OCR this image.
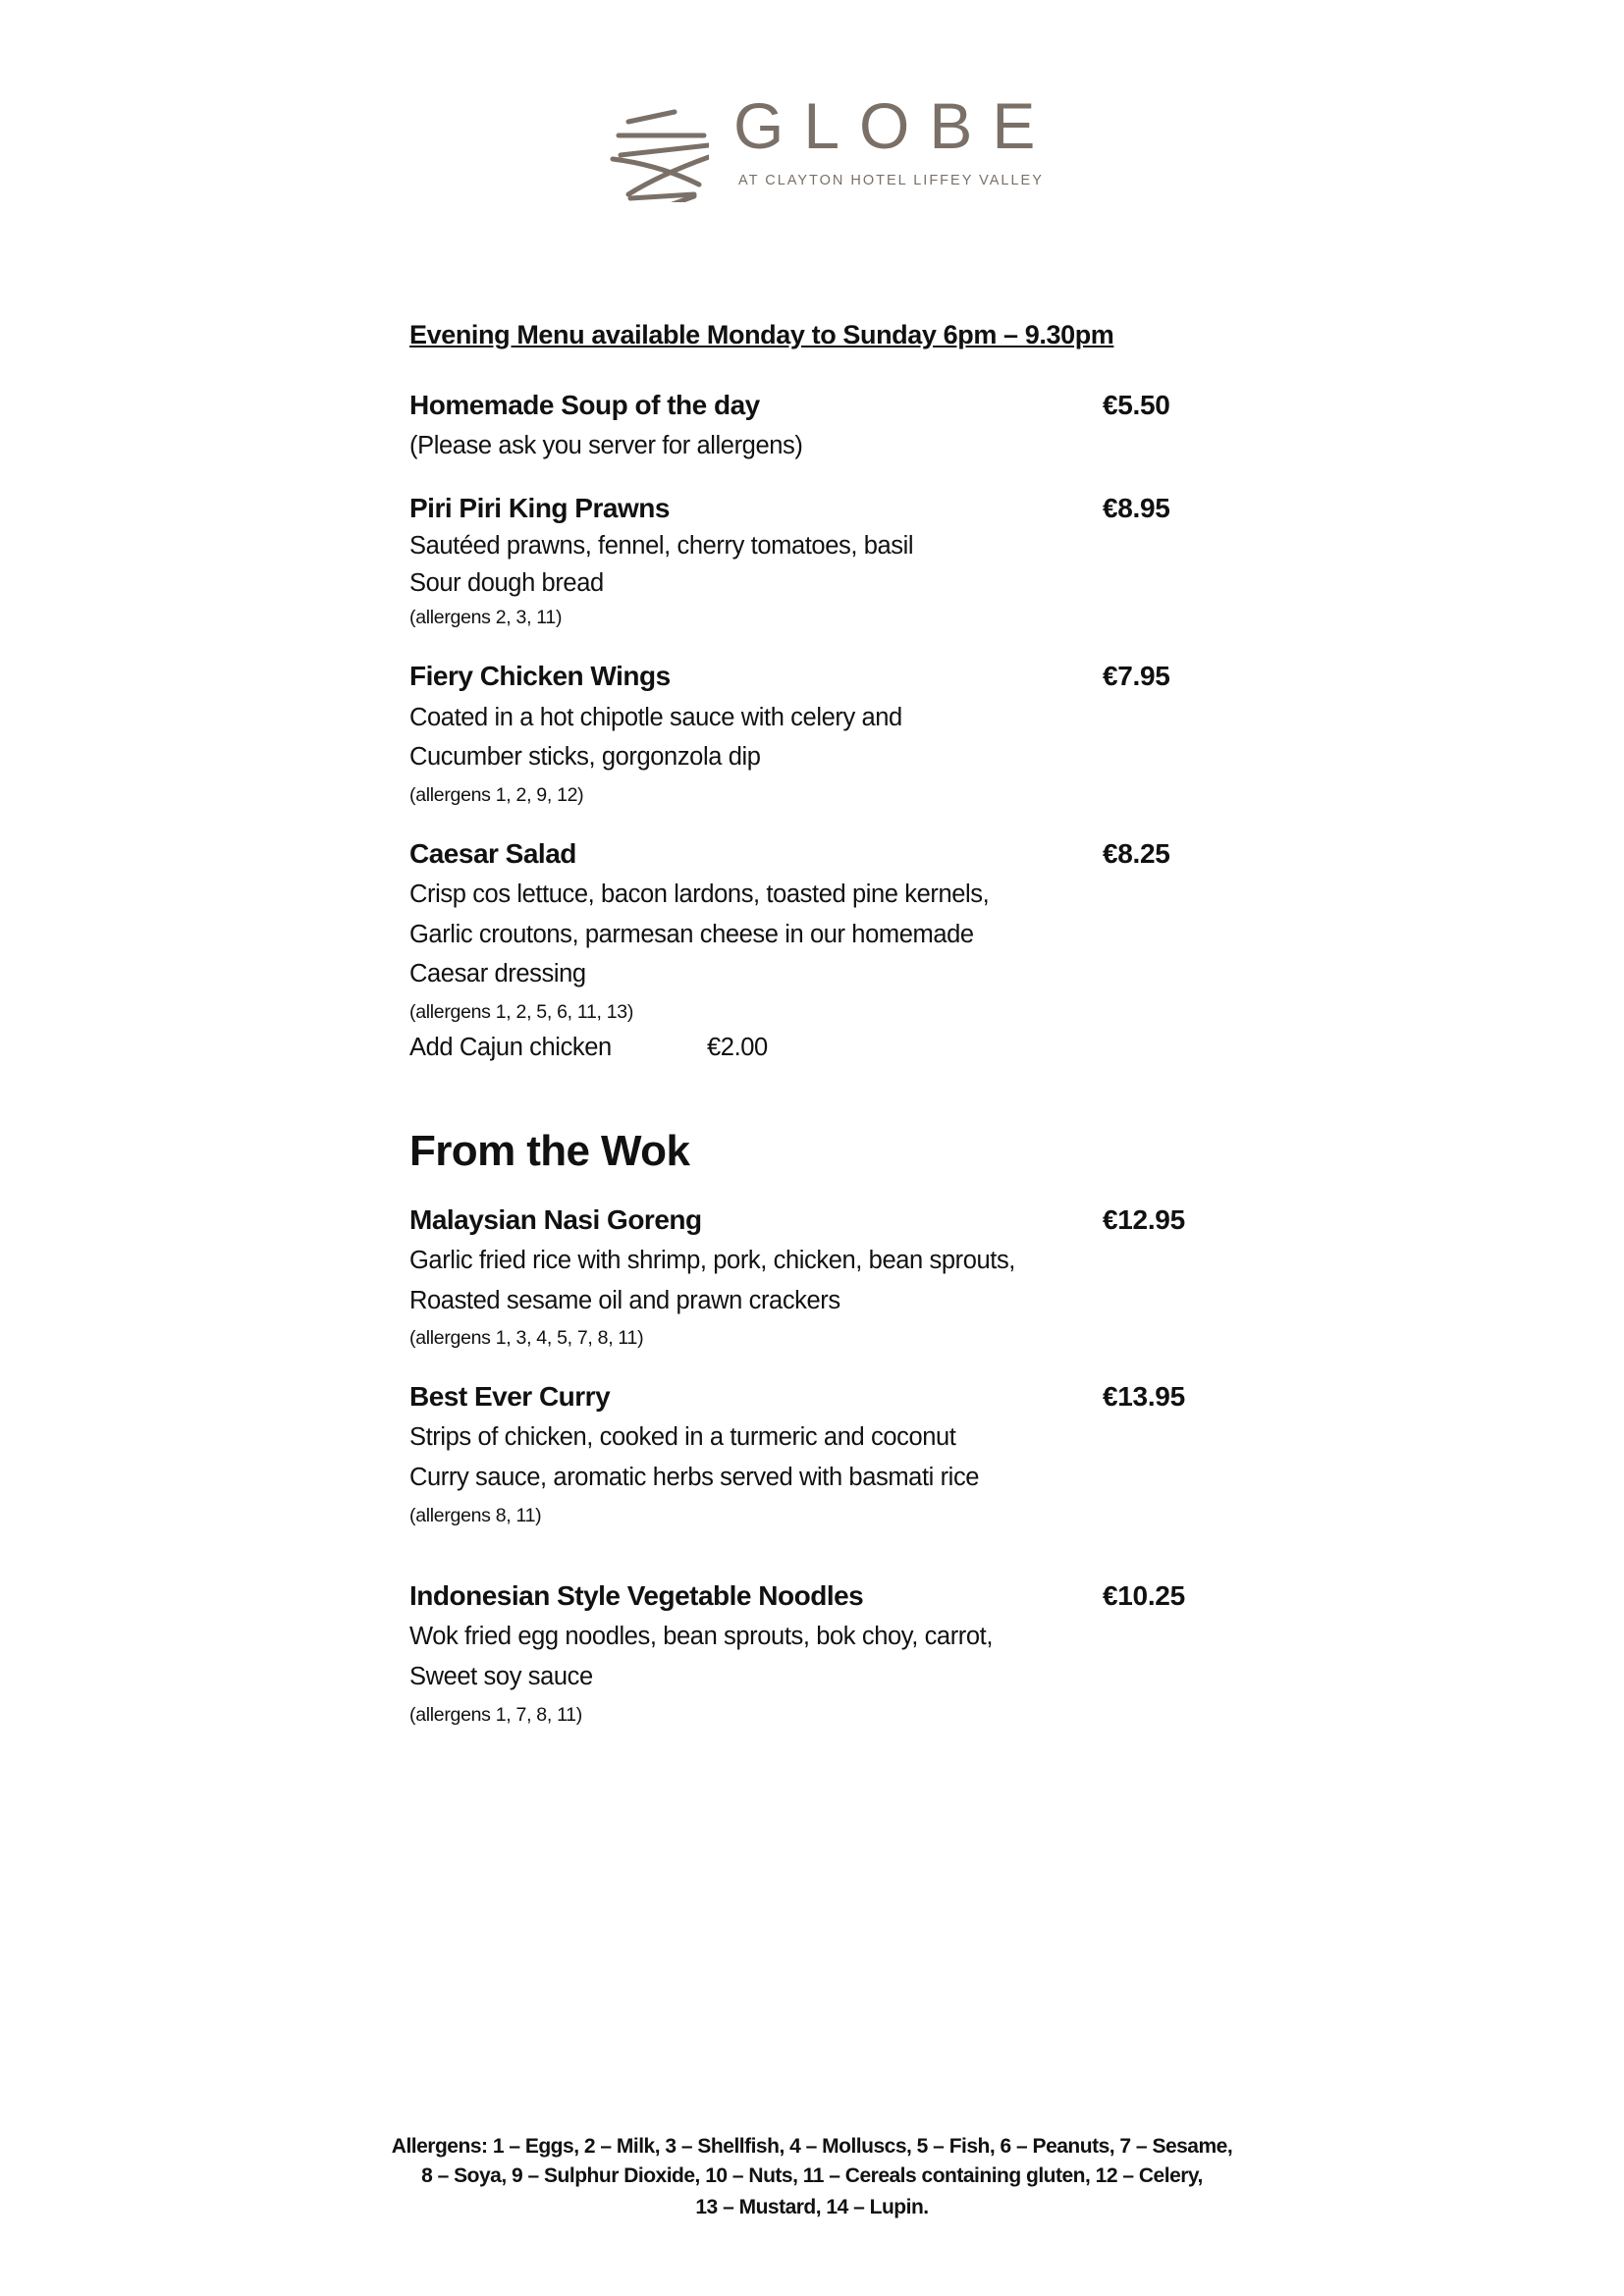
GLOBE
AT CLAYTON HOTEL LIFFEY VALLEY
Evening Menu available Monday to Sunday 6pm – 9.30pm
Homemade Soup of the day	€5.50
(Please ask you server for allergens)
Piri Piri King Prawns	€8.95
Sautéed prawns, fennel, cherry tomatoes, basil
Sour dough bread
(allergens 2, 3, 11)
Fiery Chicken Wings	€7.95
Coated in a hot chipotle sauce with celery and
Cucumber sticks, gorgonzola dip
(allergens 1, 2, 9, 12)
Caesar Salad	€8.25
Crisp cos lettuce, bacon lardons, toasted pine kernels,
Garlic croutons, parmesan cheese in our homemade
Caesar dressing
(allergens 1, 2, 5, 6, 11, 13)
Add Cajun chicken	€2.00
From the Wok
Malaysian Nasi Goreng	€12.95
Garlic fried rice with shrimp, pork, chicken, bean sprouts,
Roasted sesame oil and prawn crackers
(allergens 1, 3, 4, 5, 7, 8, 11)
Best Ever Curry	€13.95
Strips of chicken, cooked in a turmeric and coconut
Curry sauce, aromatic herbs served with basmati rice
(allergens 8, 11)
Indonesian Style Vegetable Noodles	€10.25
Wok fried egg noodles, bean sprouts, bok choy, carrot,
Sweet soy sauce
(allergens 1, 7, 8, 11)
Allergens: 1 – Eggs, 2 – Milk, 3 – Shellfish, 4 – Molluscs, 5 – Fish, 6 – Peanuts, 7 – Sesame,
8 – Soya, 9 – Sulphur Dioxide, 10 – Nuts, 11 – Cereals containing gluten, 12 – Celery,
13 – Mustard, 14 – Lupin.
